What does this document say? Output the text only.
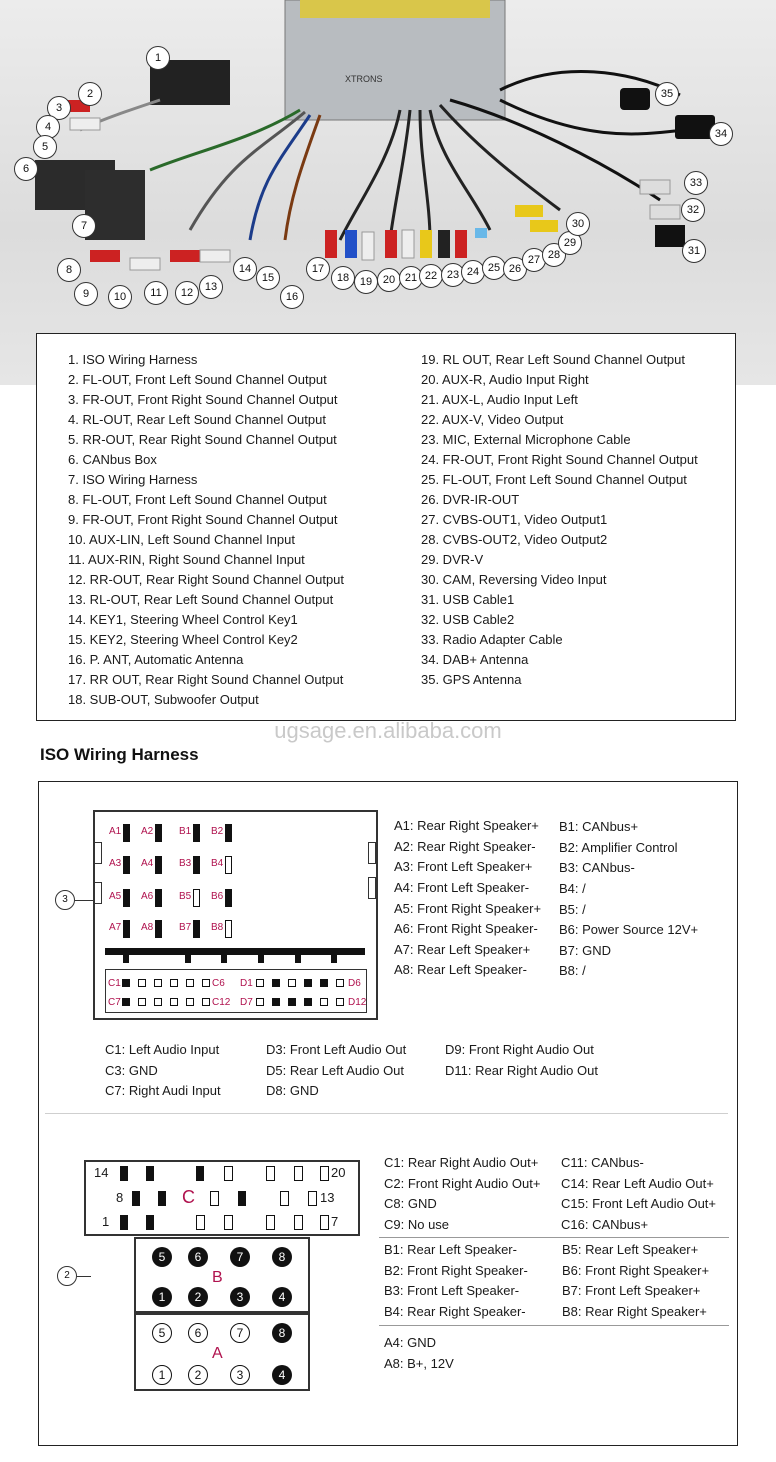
XTRONS
1
2
3
4
5
6
7
8
9	10	11	12	13
14
15
16
17
18 19 20 21 22 23 24 25 26
27 28
29
30
31
32
33
34
35
1. ISO Wiring Harness
2. FL-OUT, Front Left Sound Channel Output
3. FR-OUT, Front Right Sound Channel Output
4. RL-OUT, Rear Left Sound Channel Output
5. RR-OUT, Rear Right Sound Channel Output
6. CANbus Box
7. ISO Wiring Harness
8. FL-OUT, Front Left Sound Channel Output
9. FR-OUT, Front Right Sound Channel Output
10. AUX-LIN, Left Sound Channel Input
11. AUX-RIN, Right Sound Channel Input
12. RR-OUT, Rear Right Sound Channel Output
13. RL-OUT, Rear Left Sound Channel Output
14. KEY1, Steering Wheel Control Key1
15. KEY2, Steering Wheel Control Key2
16. P. ANT, Automatic Antenna
17. RR OUT, Rear Right Sound Channel Output
18. SUB-OUT, Subwoofer Output
19. RL OUT, Rear Left Sound Channel Output
20. AUX-R, Audio Input Right
21. AUX-L, Audio Input Left
22. AUX-V, Video Output
23. MIC, External Microphone Cable
24. FR-OUT, Front Right Sound Channel Output
25. FL-OUT, Front Left Sound Channel Output
26. DVR-IR-OUT
27. CVBS-OUT1, Video Output1
28. CVBS-OUT2, Video Output2
29. DVR-V
30. CAM, Reversing Video Input
31. USB Cable1
32. USB Cable2
33. Radio Adapter Cable
34. DAB+ Antenna
35. GPS Antenna
ugsage.en.alibaba.com
ISO Wiring Harness
3
A1 A2	B1 B2
A3 A4	B3 B4
A5 A6	B5 B6
A7 A8	B7 B8
C1	C6 D1	D6
C7	C12 D7	D12
A1: Rear Right Speaker+
A2: Rear Right Speaker-
A3: Front Left Speaker+
A4: Front Left Speaker-
A5: Front Right Speaker+
A6: Front Right Speaker-
A7: Rear Left Speaker+
A8: Rear Left Speaker-
B1: CANbus+
B2: Amplifier Control
B3: CANbus-
B4: /
B5: /
B6: Power Source 12V+
B7: GND
B8: /
C1: Left Audio Input
C3: GND
C7: Right Audi Input
D3: Front Left Audio Out
D5: Rear Left Audio Out
D8: GND
D9: Front Right Audio Out
D11: Rear Right Audio Out
2
14	20
8	C	13
1	7
5	6	7	8
B
1	2	3	4
5	6	7	8
A
1	2	3	4
C1: Rear Right Audio Out+
C2: Front Right Audio Out+
C8: GND
C9: No use
C11: CANbus-
C14: Rear Left Audio Out+
C15: Front Left Audio Out+
C16: CANbus+
B1: Rear Left Speaker-
B2: Front Right Speaker-
B3: Front Left Speaker-
B4: Rear Right Speaker-
B5: Rear Left Speaker+
B6: Front Right Speaker+
B7: Front Left Speaker+
B8: Rear Right Speaker+
A4: GND
A8: B+, 12V
